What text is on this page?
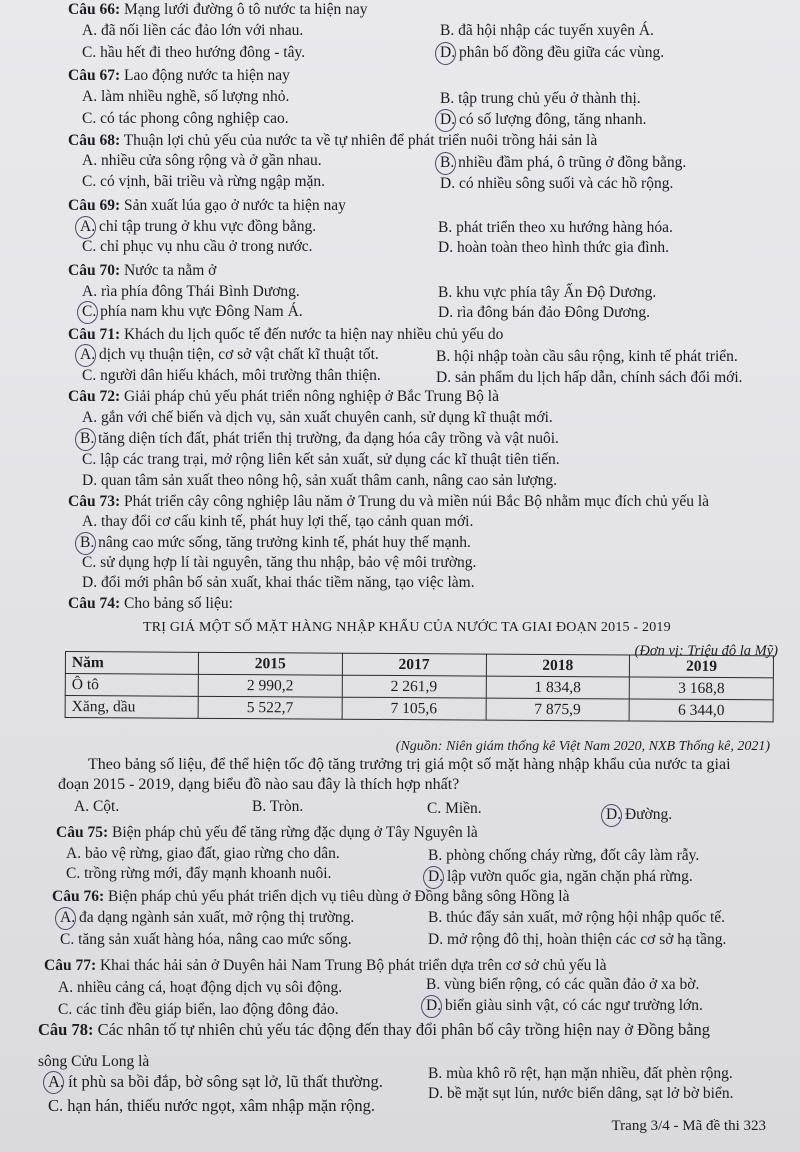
Câu 66: Mạng lưới đường ô tô nước ta hiện nay
A. đã nối liền các đảo lớn với nhau.	B. đã hội nhập các tuyến xuyên Á.
C. hầu hết đi theo hướng đông - tây.	D. phân bố đồng đều giữa các vùng.
Câu 67: Lao động nước ta hiện nay
A. làm nhiều nghề, số lượng nhỏ.	B. tập trung chủ yếu ở thành thị.
C. có tác phong công nghiệp cao.	D. có số lượng đông, tăng nhanh.
Câu 68: Thuận lợi chủ yếu của nước ta về tự nhiên để phát triển nuôi trồng hải sản là
A. nhiều cửa sông rộng và ở gần nhau.	B. nhiều đầm phá, ô trũng ở đồng bằng.
C. có vịnh, bãi triều và rừng ngập mặn.	D. có nhiều sông suối và các hồ rộng.
Câu 69: Sản xuất lúa gạo ở nước ta hiện nay
A. chỉ tập trung ở khu vực đồng bằng.	B. phát triển theo xu hướng hàng hóa.
C. chỉ phục vụ nhu cầu ở trong nước.	D. hoàn toàn theo hình thức gia đình.
Câu 70: Nước ta nằm ở
A. rìa phía đông Thái Bình Dương.	B. khu vực phía tây Ấn Độ Dương.
C. phía nam khu vực Đông Nam Á.	D. rìa đông bán đảo Đông Dương.
Câu 71: Khách du lịch quốc tế đến nước ta hiện nay nhiều chủ yếu do
A. dịch vụ thuận tiện, cơ sở vật chất kĩ thuật tốt.	B. hội nhập toàn cầu sâu rộng, kinh tế phát triển.
C. người dân hiếu khách, môi trường thân thiện.	D. sản phẩm du lịch hấp dẫn, chính sách đổi mới.
Câu 72: Giải pháp chủ yếu phát triển nông nghiệp ở Bắc Trung Bộ là
A. gắn với chế biến và dịch vụ, sản xuất chuyên canh, sử dụng kĩ thuật mới.
B. tăng diện tích đất, phát triển thị trường, đa dạng hóa cây trồng và vật nuôi.
C. lập các trang trại, mở rộng liên kết sản xuất, sử dụng các kĩ thuật tiên tiến.
D. quan tâm sản xuất theo nông hộ, sản xuất thâm canh, nâng cao sản lượng.
Câu 73: Phát triển cây công nghiệp lâu năm ở Trung du và miền núi Bắc Bộ nhằm mục đích chủ yếu là
A. thay đổi cơ cấu kinh tế, phát huy lợi thế, tạo cảnh quan mới.
B. nâng cao mức sống, tăng trưởng kinh tế, phát huy thế mạnh.
C. sử dụng hợp lí tài nguyên, tăng thu nhập, bảo vệ môi trường.
D. đổi mới phân bố sản xuất, khai thác tiềm năng, tạo việc làm.
Câu 74: Cho bảng số liệu:
TRỊ GIÁ MỘT SỐ MẶT HÀNG NHẬP KHẨU CỦA NƯỚC TA GIAI ĐOẠN 2015 - 2019
(Đơn vị: Triệu đô la Mỹ)
Năm	2015	2017	2018	2019
Ô tô	2 990,2	2 261,9	1 834,8	3 168,8
Xăng, dầu	5 522,7	7 105,6	7 875,9	6 344,0
(Nguồn: Niên giám thống kê Việt Nam 2020, NXB Thống kê, 2021)
Theo bảng số liệu, để thể hiện tốc độ tăng trưởng trị giá một số mặt hàng nhập khẩu của nước ta giai
đoạn 2015 - 2019, dạng biểu đồ nào sau đây là thích hợp nhất?
A. Cột.	B. Tròn.	C. Miền.	D. Đường.
Câu 75: Biện pháp chủ yếu để tăng rừng đặc dụng ở Tây Nguyên là
A. bảo vệ rừng, giao đất, giao rừng cho dân.	B. phòng chống cháy rừng, đốt cây làm rẫy.
C. trồng rừng mới, đẩy mạnh khoanh nuôi.	D. lập vườn quốc gia, ngăn chặn phá rừng.
Câu 76: Biện pháp chủ yếu phát triển dịch vụ tiêu dùng ở Đồng bằng sông Hồng là
A. đa dạng ngành sản xuất, mở rộng thị trường.	B. thúc đẩy sản xuất, mở rộng hội nhập quốc tế.
C. tăng sản xuất hàng hóa, nâng cao mức sống.	D. mở rộng đô thị, hoàn thiện các cơ sở hạ tầng.
Câu 77: Khai thác hải sản ở Duyên hải Nam Trung Bộ phát triển dựa trên cơ sở chủ yếu là
A. nhiều cảng cá, hoạt động dịch vụ sôi động.	B. vùng biển rộng, có các quần đảo ở xa bờ.
C. các tỉnh đều giáp biển, lao động đông đảo.	D. biển giàu sinh vật, có các ngư trường lớn.
Câu 78: Các nhân tố tự nhiên chủ yếu tác động đến thay đổi phân bố cây trồng hiện nay ở Đồng bằng
sông Cửu Long là
A. ít phù sa bồi đắp, bờ sông sạt lở, lũ thất thường.	B. mùa khô rõ rệt, hạn mặn nhiều, đất phèn rộng.
C. hạn hán, thiếu nước ngọt, xâm nhập mặn rộng.
D. bề mặt sụt lún, nước biển dâng, sạt lở bờ biển.
Trang 3/4 - Mã đề thi 323
